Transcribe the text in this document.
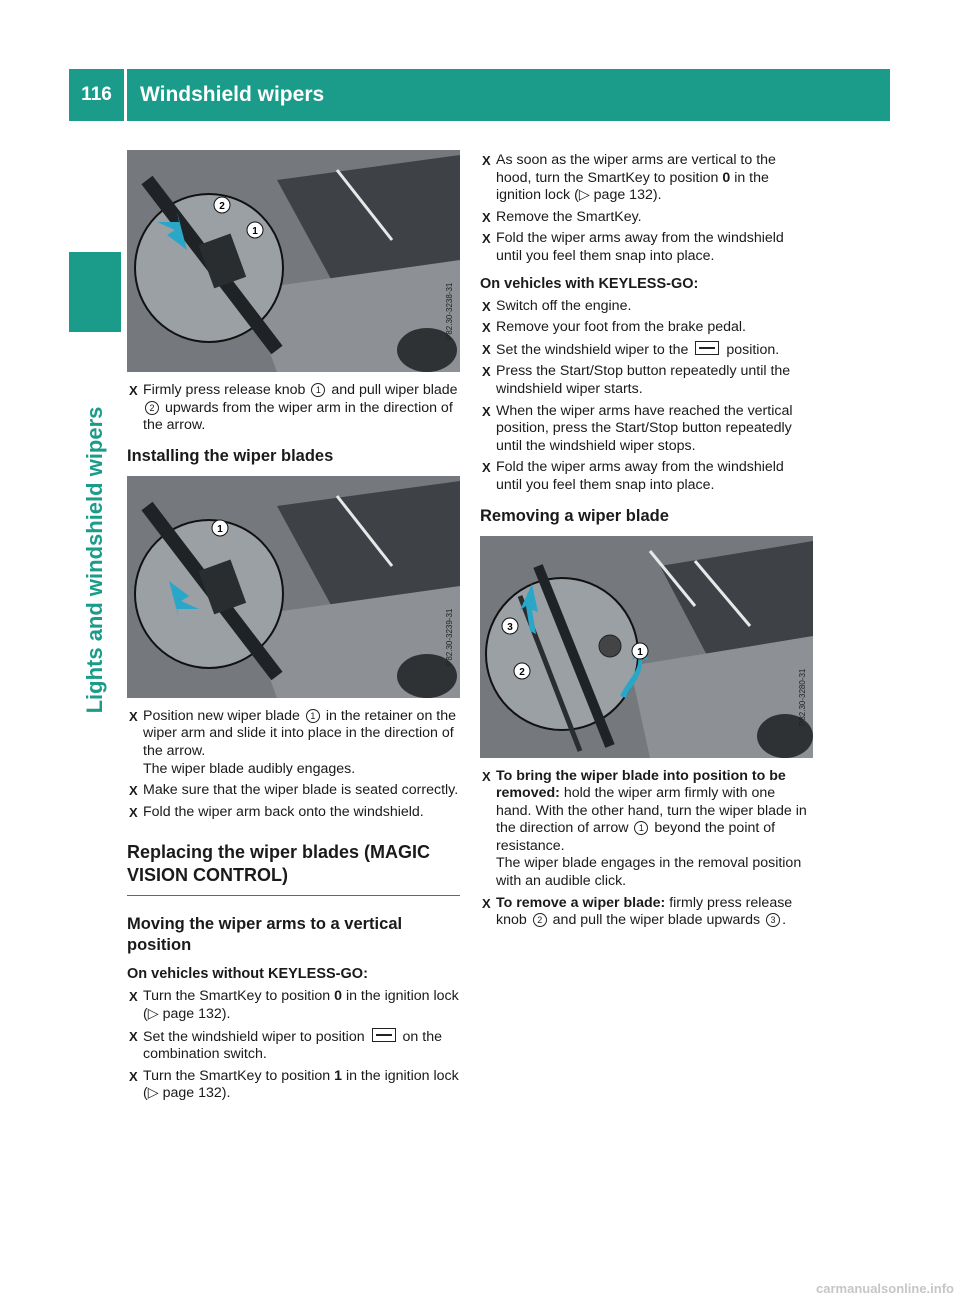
116	Windshield wipers
Lights and windshield wipers
2
1
P82.30-3238-31
X Firmly press release knob 1 and pull wiper blade 2 upwards from the wiper arm in the direction of the arrow.
Installing the wiper blades
1
P82.30-3239-31
X Position new wiper blade 1 in the retainer on the wiper arm and slide it into place in the direction of the arrow.
The wiper blade audibly engages.
X Make sure that the wiper blade is seated correctly.
X Fold the wiper arm back onto the windshield.
Replacing the wiper blades (MAGIC VISION CONTROL)
Moving the wiper arms to a vertical position
On vehicles without KEYLESS-GO:
X Turn the SmartKey to position 0 in the ignition lock (▷ page 132).
X Set the windshield wiper to position	on the combination switch.
X Turn the SmartKey to position 1 in the ignition lock (▷ page 132).
X As soon as the wiper arms are vertical to the hood, turn the SmartKey to position 0 in the ignition lock (▷ page 132).
X Remove the SmartKey.
X Fold the wiper arms away from the windshield until you feel them snap into place.
On vehicles with KEYLESS-GO:
X Switch off the engine.
X Remove your foot from the brake pedal.
X Set the windshield wiper to the	position.
X Press the Start/Stop button repeatedly until the windshield wiper starts.
X When the wiper arms have reached the vertical position, press the Start/Stop button repeatedly until the windshield wiper stops.
X Fold the wiper arms away from the windshield until you feel them snap into place.
Removing a wiper blade
3
2
1
P82.30-3280-31
X To bring the wiper blade into position to be removed: hold the wiper arm firmly with one hand. With the other hand, turn the wiper blade in the direction of arrow 1 beyond the point of resistance.
The wiper blade engages in the removal position with an audible click.
X To remove a wiper blade: firmly press release knob 2 and pull the wiper blade upwards 3 .
carmanualsonline.info
